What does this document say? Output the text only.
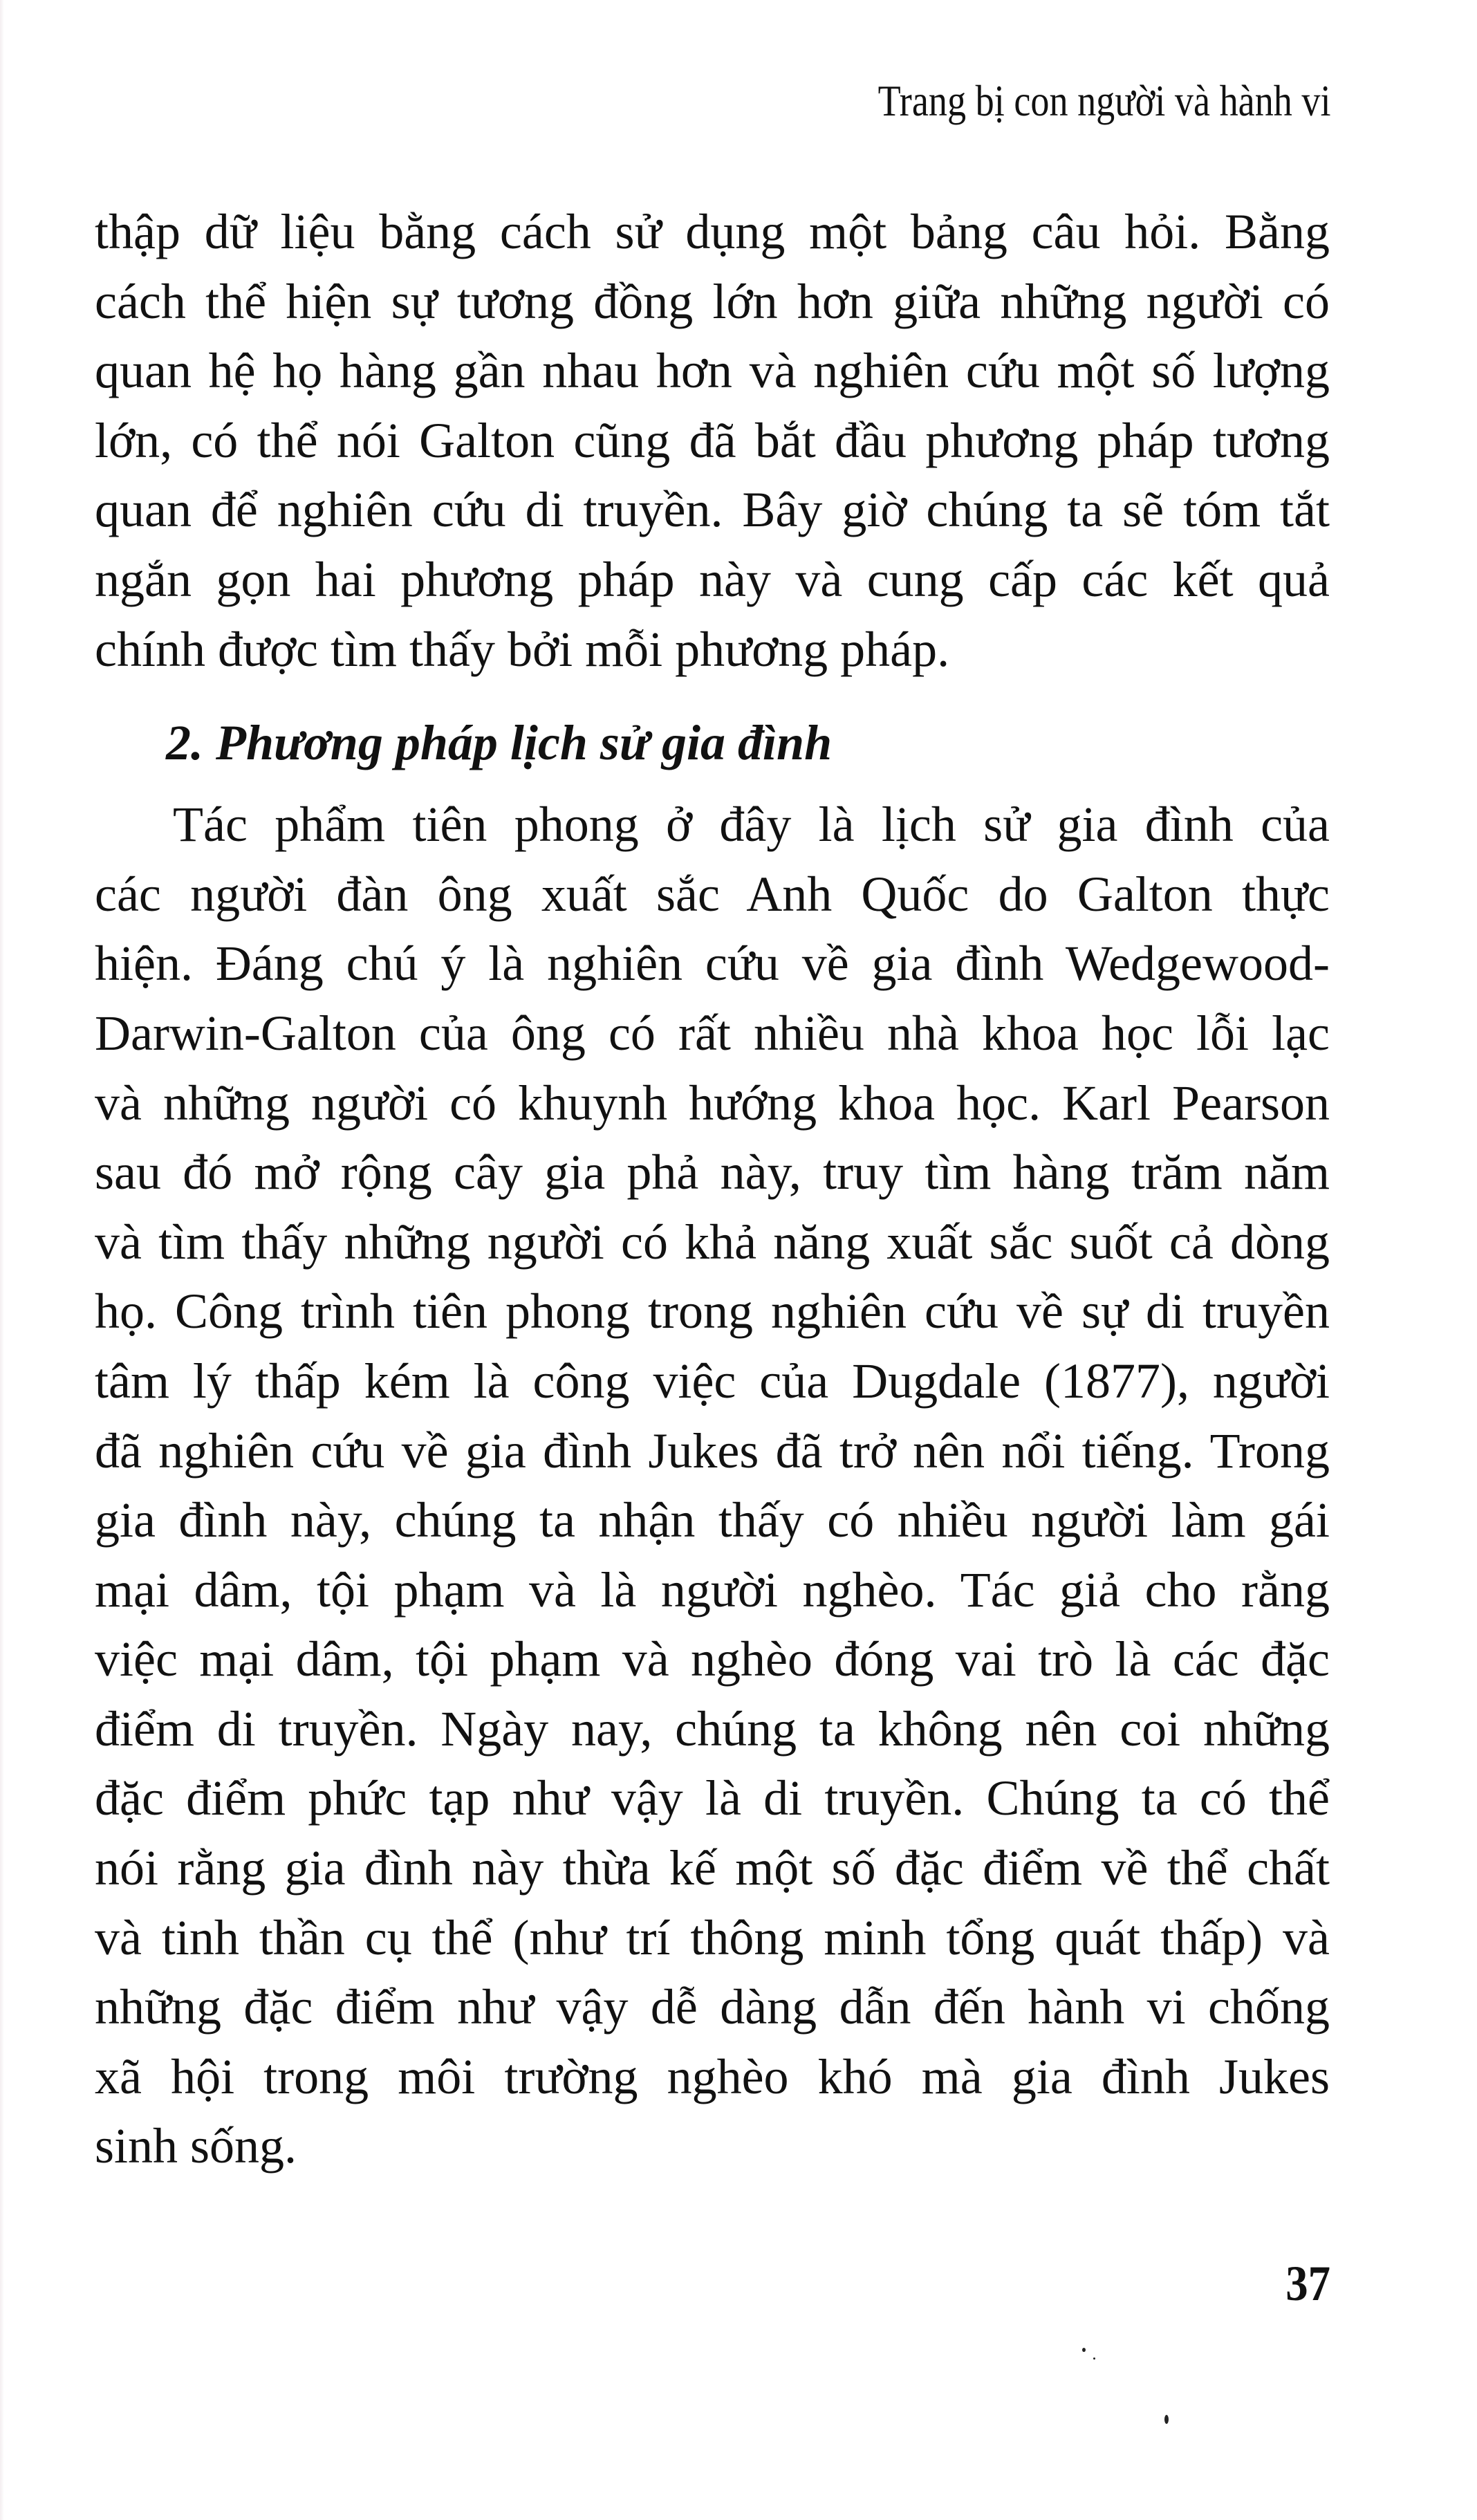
Trang bị con người và hành vi
thập dữ liệu bằng cách sử dụng một bảng câu hỏi. Bằng
cách thể hiện sự tương đồng lớn hơn giữa những người có
quan hệ họ hàng gần nhau hơn và nghiên cứu một số lượng
lớn, có thể nói Galton cũng đã bắt đầu phương pháp tương
quan để nghiên cứu di truyền. Bây giờ chúng ta sẽ tóm tắt
ngắn gọn hai phương pháp này và cung cấp các kết quả
chính được tìm thấy bởi mỗi phương pháp.
2. Phương pháp lịch sử gia đình
Tác phẩm tiên phong ở đây là lịch sử gia đình của
các người đàn ông xuất sắc Anh Quốc do Galton thực
hiện. Đáng chú ý là nghiên cứu về gia đình Wedgewood-
Darwin-Galton của ông có rất nhiều nhà khoa học lỗi lạc
và những người có khuynh hướng khoa học. Karl Pearson
sau đó mở rộng cây gia phả này, truy tìm hàng trăm năm
và tìm thấy những người có khả năng xuất sắc suốt cả dòng
họ. Công trình tiên phong trong nghiên cứu về sự di truyền
tâm lý thấp kém là công việc của Dugdale (1877), người
đã nghiên cứu về gia đình Jukes đã trở nên nổi tiếng. Trong
gia đình này, chúng ta nhận thấy có nhiều người làm gái
mại dâm, tội phạm và là người nghèo. Tác giả cho rằng
việc mại dâm, tội phạm và nghèo đóng vai trò là các đặc
điểm di truyền. Ngày nay, chúng ta không nên coi những
đặc điểm phức tạp như vậy là di truyền. Chúng ta có thể
nói rằng gia đình này thừa kế một số đặc điểm về thể chất
và tinh thần cụ thể (như trí thông minh tổng quát thấp) và
những đặc điểm như vậy dễ dàng dẫn đến hành vi chống
xã hội trong môi trường nghèo khó mà gia đình Jukes
sinh sống.
37
